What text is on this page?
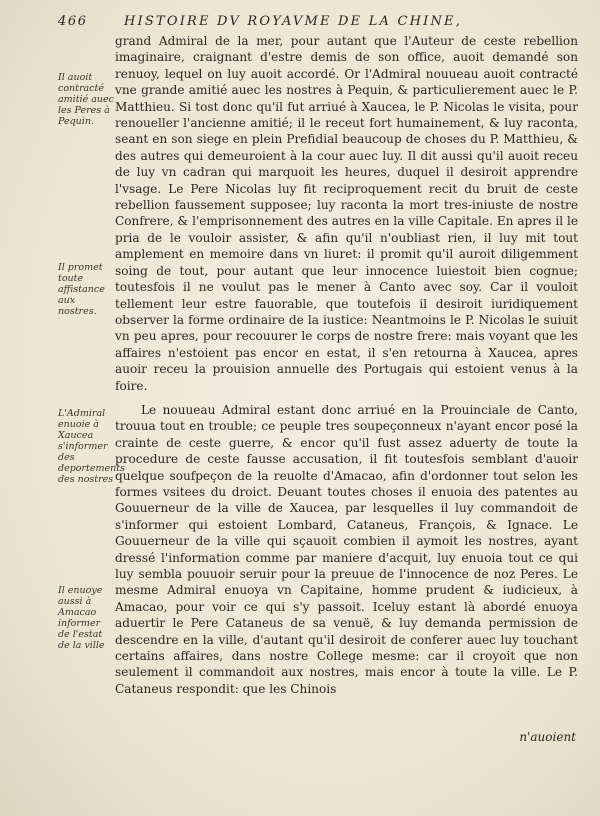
466	HISTOIRE DV ROYAVME DE LA CHINE,
Il auoit contracté amitié auec les Peres à Pequin.
Il promet toute affistance aux nostres.
L'Admiral enuoie à Xaucea s'informer des deportements des nostres
Il enuoye aussi à Amacao informer de l'estat de la ville

grand Admiral de la mer, pour autant que l'Auteur de ceste rebellion imaginaire, craignant d'estre demis de son office, auoit demandé son renuoy, lequel on luy auoit accordé. Or l'Admiral nouueau auoit contracté vne grande amitié auec les nostres à Pequin, & particulierement auec le P. Matthieu. Si tost donc qu'il fut arriué à Xaucea, le P. Nicolas le visita, pour renoueller l'ancienne amitié; il le receut fort humainement, & luy raconta, seant en son siege en plein Prefidial beaucoup de choses du P. Matthieu, & des autres qui demeuroient à la cour auec luy. Il dit aussi qu'il auoit receu de luy vn cadran qui marquoit les heures, duquel il desiroit apprendre l'vsage. Le Pere Nicolas luy fit reciproquement recit du bruit de ceste rebellion faussement supposee; luy raconta la mort tres-iniuste de nostre Confrere, & l'emprisonnement des autres en la ville Capitale. En apres il le pria de le vouloir assister, & afin qu'il n'oubliast rien, il luy mit tout amplement en memoire dans vn liuret: il promit qu'il auroit diligemment soing de tout, pour autant que leur innocence luiestoit bien cognue; toutesfois il ne voulut pas le mener à Canto avec soy. Car il vouloit tellement leur estre fauorable, que toutefois il desiroit iuridiquement observer la forme ordinaire de la iustice: Neantmoins le P. Nicolas le suiuit vn peu apres, pour recouurer le corps de nostre frere: mais voyant que les affaires n'estoient pas encor en estat, il s'en retourna à Xaucea, apres auoir receu la prouision annuelle des Portugais qui estoient venus à la foire.

Le nouueau Admiral estant donc arriué en la Prouinciale de Canto, trouua tout en trouble; ce peuple tres soupeçonneux n'ayant encor posé la crainte de ceste guerre, & encor qu'il fust assez aduerty de toute la procedure de ceste fausse accusation, il fit toutesfois semblant d'auoir quelque soufpeçon de la reuolte d'Amacao, afin d'ordonner tout selon les formes vsitees du droict. Deuant toutes choses il enuoia des patentes au Gouuerneur de la ville de Xaucea, par lesquelles il luy commandoit de s'informer qui estoient Lombard, Cataneus, François, & Ignace. Le Gouuerneur de la ville qui sçauoit combien il aymoit les nostres, ayant dressé l'information comme par maniere d'acquit, luy enuoia tout ce qui luy sembla pouuoir seruir pour la preuue de l'innocence de noz Peres. Le mesme Admiral enuoya vn Capitaine, homme prudent & iudicieux, à Amacao, pour voir ce qui s'y passoit. Iceluy estant là abordé enuoya aduertir le Pere Cataneus de sa venuë, & luy demanda permission de descendre en la ville, d'autant qu'il desiroit de conferer auec luy touchant certains affaires, dans nostre College mesme: car il croyoit que non seulement il commandoit aux nostres, mais encor à toute la ville. Le P. Cataneus respondit: que les Chinois

n'auoient
